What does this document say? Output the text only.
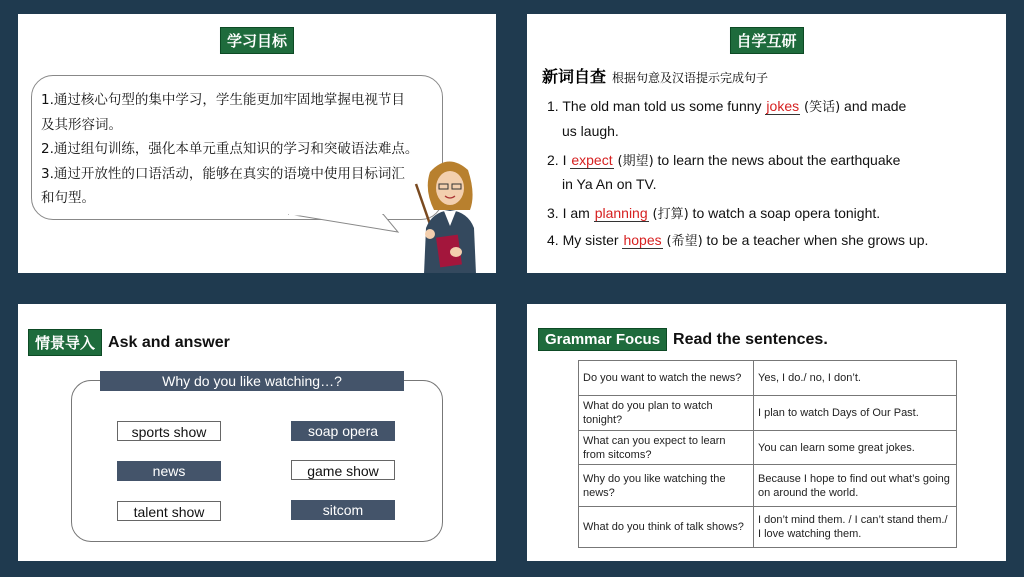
学习目标
1.通过核心句型的集中学习，学生能更加牢固地掌握电视节目
及其形容词。
2.通过组句训练，强化本单元重点知识的学习和突破语法难点。
3.通过开放性的口语活动，能够在真实的语境中使用目标词汇
和句型。
自学互研
新词自查 根据句意及汉语提示完成句子
1. The old man told us some funny jokes (笑话) and made
us laugh.
2. I expect (期望) to learn the news about the earthquake
in Ya An on TV.
3. I am planning (打算) to watch a soap opera tonight.
4. My sister hopes (希望) to be a teacher when she grows up.
情景导入 Ask and answer
Why do you like watching…?
sports show	soap opera
news	game show
talent show	sitcom
Grammar Focus Read the sentences.
Do you want to watch the news?	Yes, I do./ no, I don’t.
What do you plan to watch tonight?	I plan to watch Days of Our Past.
What can you expect to learn from sitcoms?	You can learn some great jokes.
Why do you like watching the news?	Because I hope to find out what’s going on around the world.
What do you think of talk shows?	I don’t mind them. / I can’t stand them./ I love watching them.
